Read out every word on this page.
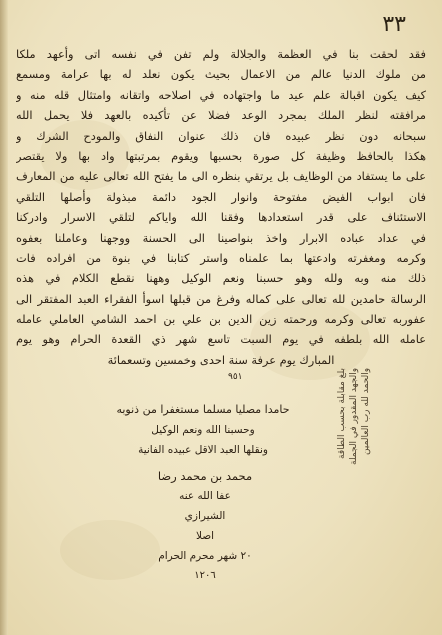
٣٣
فقد لحقت بنا في العظمة والجلالة ولم تفن في نفسه اتى وأعهد ملكا
من ملوك الدنيا عالم من الاعمال بحيث يكون نعلد له بها عرامة ومسمع
كيف يكون اقبالة علم عيد ما واجتهاده في اصلاحه واتقانه وامتثال قله منه و
مرافقته لنظر الملك بمجرد الوعد فضلا عن تأكيده بالعهد فلا يحمل الله
سبحانه دون نظر عبيده فان ذلك عنوان النفاق والمودح الشرك و
هكذا بالحافظ وظيفة كل صورة بحسبها ويقوم بمرتبتها واد بها ولا يقتصر
على ما يستفاد من الوظايف بل يرتقي بنظره الى ما يفتح الله تعالى عليه من المعارف
فان ابواب الفيض مفتوحة وانوار الجود دائمة مبذولة وأصلها التلقي
الاستئناف على قدر استعدادها وفقنا الله واياكم لتلقي الاسرار وادركنا
في عداد عباده الابرار واخذ بنواصينا الى الحسنة ووجهنا وعاملنا بعفوه
وكرمه ومغفرته وادعتها بما علمناه واستر كتابنا في بنوة من افراده فات
ذلك منه وبه ولله وهو حسبنا ونعم الوكيل وههنا نقطع الكلام في هذه
الرسالة حامدين لله تعالى على كماله وفرغ من قبلها اسوأ الفقراء العبد المفتقر الى
عفوربه تعالى وكرمه ورحمته زين الدين بن علي بن احمد الشامي العاملي عامله
عامله الله بلطفه في يوم السبت تاسع شهر ذي القعدة الحرام وهو يوم
المبارك يوم عرفة سنة احدى وخمسين وتسعمائة
٩٥١
حامدا مصليا مسلما مستغفرا من ذنوبه
وحسبنا الله ونعم الوكيل
ونقلها العبد الاقل عبيده الفانية
محمد بن محمد رضا
عفا الله عنه
الشيرازي
اصلا
٢٠ شهر محرم الحرام
١٢٠٦
بلغ مقابلة بحسب الطاقة والجهد المقدور في الجملة والحمد لله رب العالمين
